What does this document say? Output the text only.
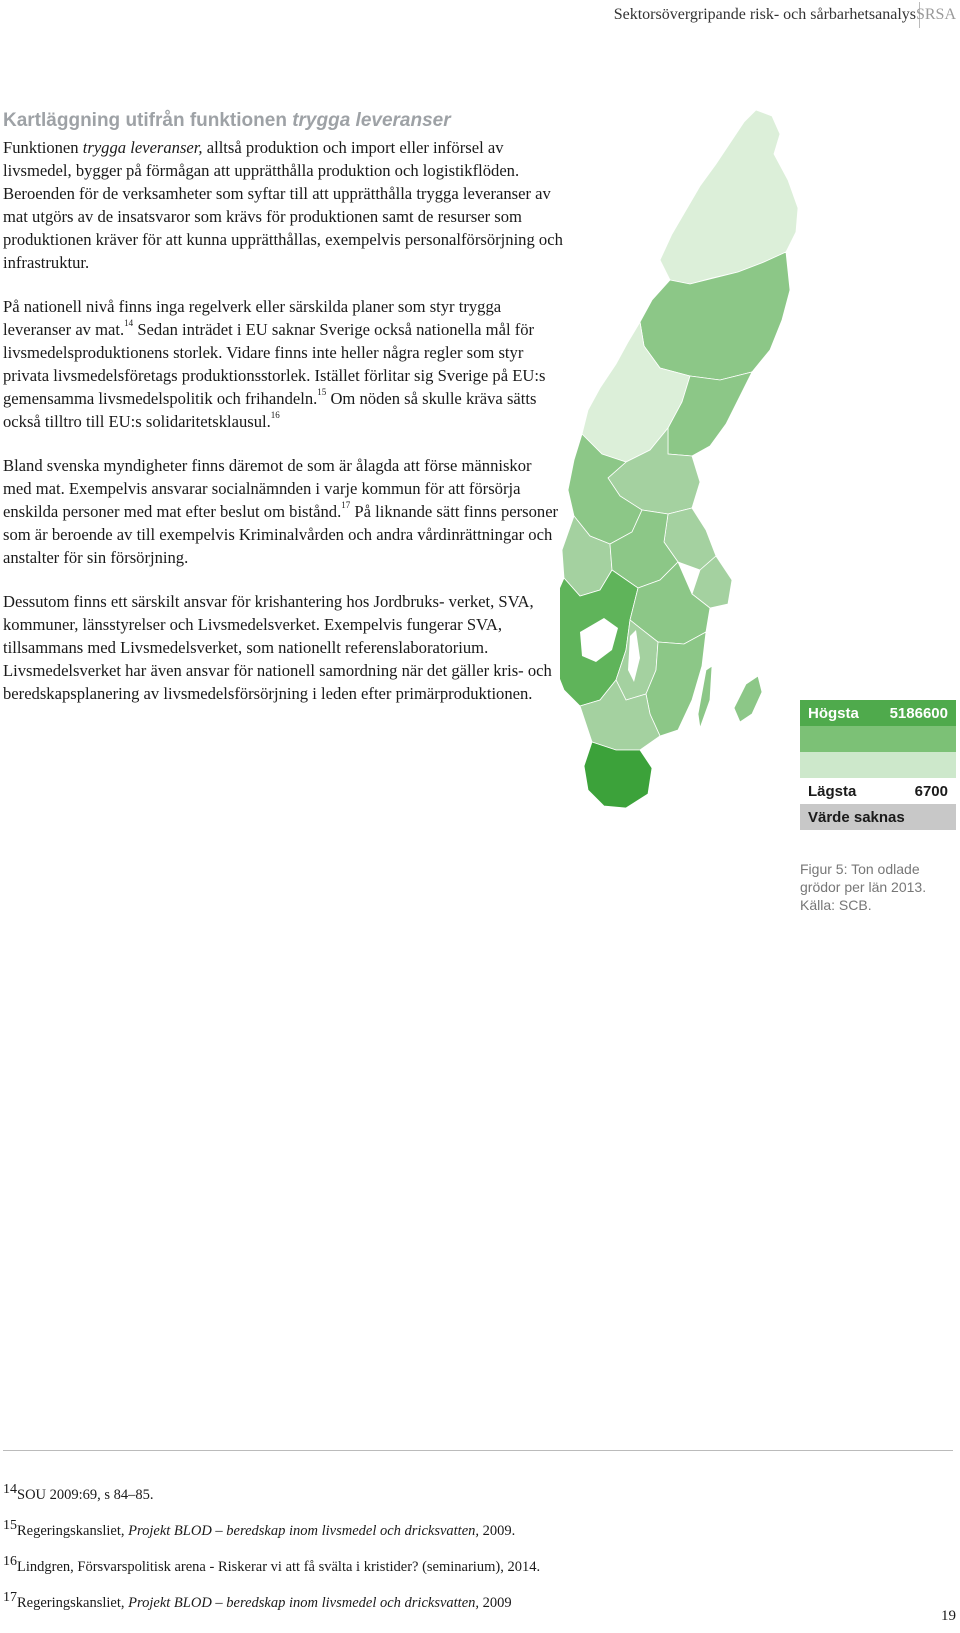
Sektorsövergripande risk- och sårbarhetsanalys SRSA
Kartläggning utifrån funktionen trygga leveranser

Funktionen trygga leveranser, alltså produktion och import eller införsel av livsmedel, bygger på förmågan att upprätthålla produktion och logistikflöden. Beroenden för de verksamheter som syftar till att upprätthålla trygga leveranser av mat utgörs av de insatsvaror som krävs för produktionen samt de resurser som produktionen kräver för att kunna upprätthållas, exempelvis personalförsörjning och infrastruktur.

På nationell nivå finns inga regelverk eller särskilda planer som styr trygga leveranser av mat.$^{14}$ Sedan inträdet i EU saknar Sverige också nationella mål för livsmedelsproduktionens storlek. Vidare finns inte heller några regler som styr privata livsmedelsföretags produktionsstorlek. Istället förlitar sig Sverige på EU:s gemensamma livsmedelspolitik och frihandeln.$^{15}$ Om nöden så skulle kräva sätts också tilltro till EU:s solidaritetsklausul.$^{16}$

Bland svenska myndigheter finns däremot de som är ålagda att förse människor med mat. Exempelvis ansvarar socialnämnden i varje kommun för att försörja enskilda personer med mat efter beslut om bistånd.$^{17}$ På liknande sätt finns personer som är beroende av till exempelvis Kriminalvården och andra vårdinrättningar och anstalter för sin försörjning.

Dessutom finns ett särskilt ansvar för krishantering hos Jordbruks- verket, SVA, kommuner, länsstyrelser och Livsmedelsverket. Exempelvis fungerar SVA, tillsammans med Livsmedelsverket, som nationellt referenslaboratorium. Livsmedelsverket har även ansvar för nationell samordning när det gäller kris- och beredskapsplanering av livsmedelsförsörjning i leden efter primärproduktionen.

Högsta 5186600
Lägsta	6700
Värde saknas
Figur 5: Ton odlade grödor per län 2013. Källa: SCB.
14SOU 2009:69, s 84–85.
15Regeringskansliet, Projekt BLOD – beredskap inom livsmedel och dricksvatten, 2009.
16Lindgren, Försvarspolitisk arena - Riskerar vi att få svälta i kristider? (seminarium), 2014.
17Regeringskansliet, Projekt BLOD – beredskap inom livsmedel och dricksvatten, 2009
19
